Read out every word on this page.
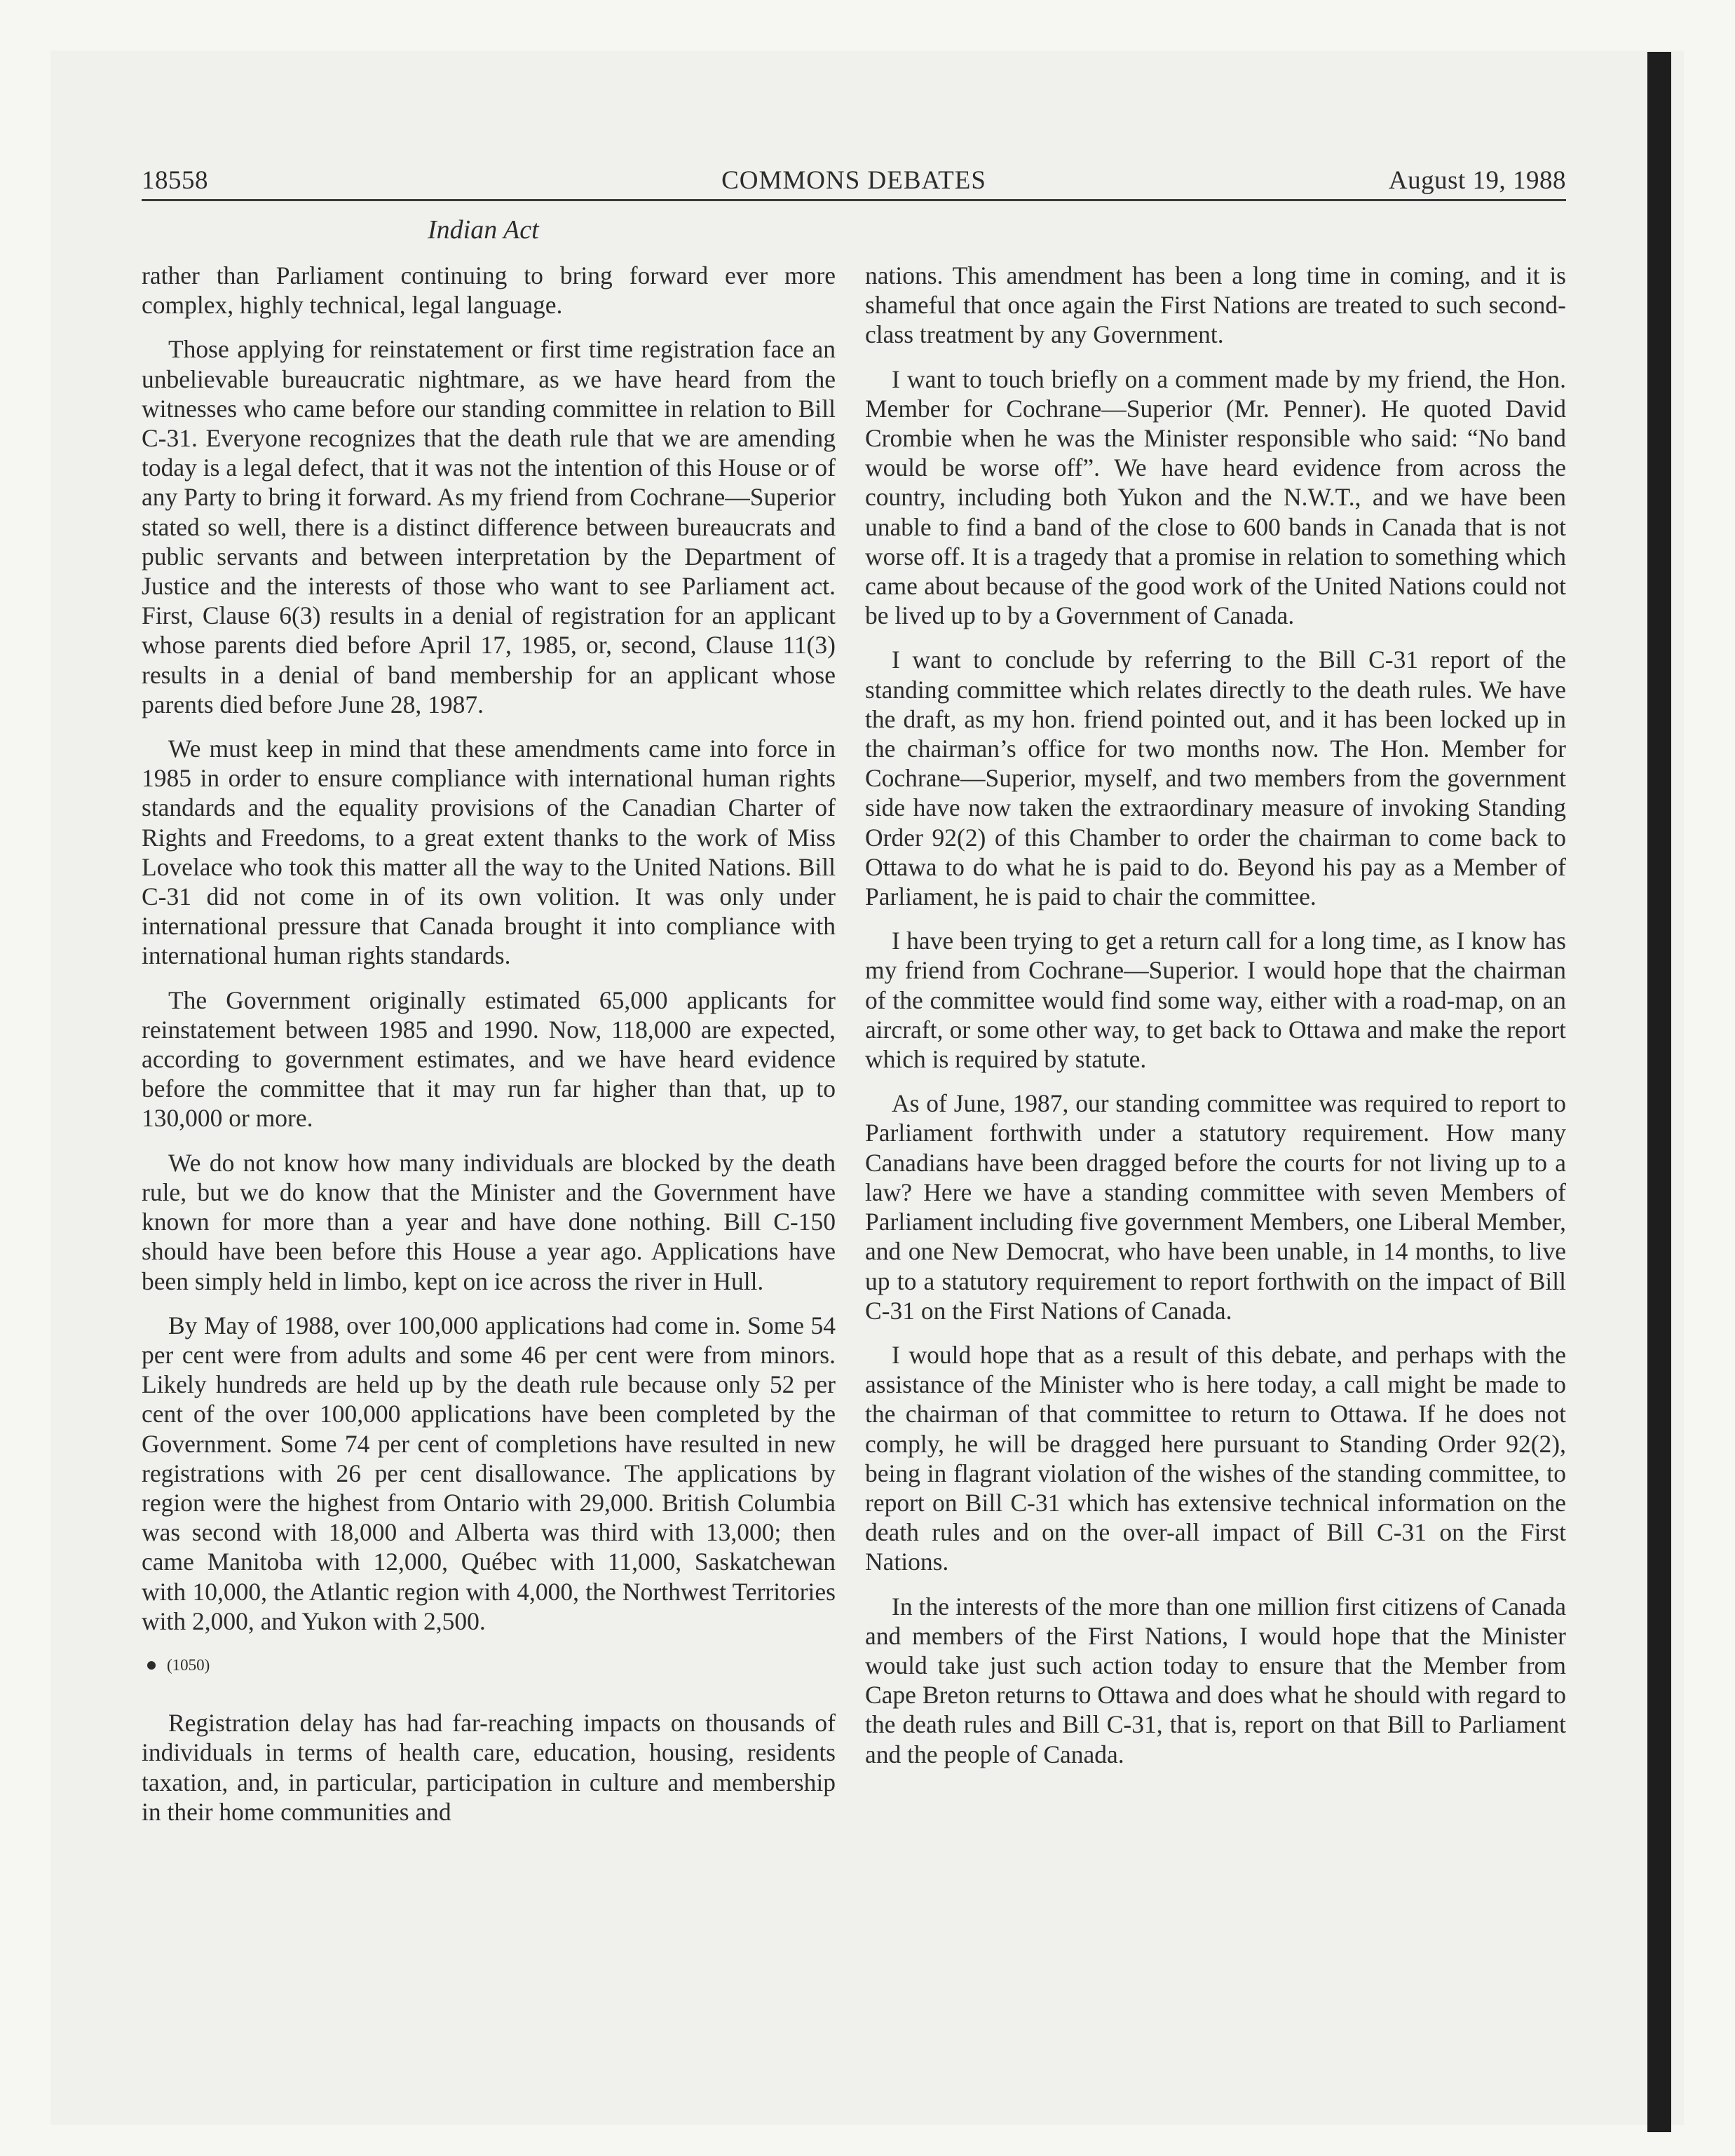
18558	COMMONS DEBATES	August 19, 1988
Indian Act

rather than Parliament continuing to bring forward ever more complex, highly technical, legal language.

Those applying for reinstatement or first time registration face an unbelievable bureaucratic nightmare, as we have heard from the witnesses who came before our standing committee in relation to Bill C-31. Everyone recognizes that the death rule that we are amending today is a legal defect, that it was not the intention of this House or of any Party to bring it forward. As my friend from Cochrane—Superior stated so well, there is a distinct difference between bureaucrats and public servants and between interpretation by the Department of Justice and the interests of those who want to see Parliament act. First, Clause 6(3) results in a denial of registration for an applicant whose parents died before April 17, 1985, or, second, Clause 11(3) results in a denial of band membership for an applicant whose parents died before June 28, 1987.

We must keep in mind that these amendments came into force in 1985 in order to ensure compliance with international human rights standards and the equality provisions of the Canadian Charter of Rights and Freedoms, to a great extent thanks to the work of Miss Lovelace who took this matter all the way to the United Nations. Bill C-31 did not come in of its own volition. It was only under international pressure that Canada brought it into compliance with international human rights standards.

The Government originally estimated 65,000 applicants for reinstatement between 1985 and 1990. Now, 118,000 are expected, according to government estimates, and we have heard evidence before the committee that it may run far higher than that, up to 130,000 or more.

We do not know how many individuals are blocked by the death rule, but we do know that the Minister and the Government have known for more than a year and have done nothing. Bill C-150 should have been before this House a year ago. Applications have been simply held in limbo, kept on ice across the river in Hull.

By May of 1988, over 100,000 applications had come in. Some 54 per cent were from adults and some 46 per cent were from minors. Likely hundreds are held up by the death rule because only 52 per cent of the over 100,000 applications have been completed by the Government. Some 74 per cent of completions have resulted in new registrations with 26 per cent disallowance. The applications by region were the highest from Ontario with 29,000. British Columbia was second with 18,000 and Alberta was third with 13,000; then came Manitoba with 12,000, Québec with 11,000, Saskatchewan with 10,000, the Atlantic region with 4,000, the Northwest Territories with 2,000, and Yukon with 2,500.

(1050)

Registration delay has had far-reaching impacts on thousands of individuals in terms of health care, education, housing, residents taxation, and, in particular, participation in culture and membership in their home communities and

nations. This amendment has been a long time in coming, and it is shameful that once again the First Nations are treated to such second-class treatment by any Government.

I want to touch briefly on a comment made by my friend, the Hon. Member for Cochrane—Superior (Mr. Penner). He quoted David Crombie when he was the Minister responsible who said: “No band would be worse off”. We have heard evidence from across the country, including both Yukon and the N.W.T., and we have been unable to find a band of the close to 600 bands in Canada that is not worse off. It is a tragedy that a promise in relation to something which came about because of the good work of the United Nations could not be lived up to by a Government of Canada.

I want to conclude by referring to the Bill C-31 report of the standing committee which relates directly to the death rules. We have the draft, as my hon. friend pointed out, and it has been locked up in the chairman’s office for two months now. The Hon. Member for Cochrane—Superior, myself, and two members from the government side have now taken the extraordinary measure of invoking Standing Order 92(2) of this Chamber to order the chairman to come back to Ottawa to do what he is paid to do. Beyond his pay as a Member of Parliament, he is paid to chair the committee.

I have been trying to get a return call for a long time, as I know has my friend from Cochrane—Superior. I would hope that the chairman of the committee would find some way, either with a road-map, on an aircraft, or some other way, to get back to Ottawa and make the report which is required by statute.

As of June, 1987, our standing committee was required to report to Parliament forthwith under a statutory requirement. How many Canadians have been dragged before the courts for not living up to a law? Here we have a standing committee with seven Members of Parliament including five government Members, one Liberal Member, and one New Democrat, who have been unable, in 14 months, to live up to a statutory requirement to report forthwith on the impact of Bill C-31 on the First Nations of Canada.

I would hope that as a result of this debate, and perhaps with the assistance of the Minister who is here today, a call might be made to the chairman of that committee to return to Ottawa. If he does not comply, he will be dragged here pursuant to Standing Order 92(2), being in flagrant violation of the wishes of the standing committee, to report on Bill C-31 which has extensive technical information on the death rules and on the over-all impact of Bill C-31 on the First Nations.

In the interests of the more than one million first citizens of Canada and members of the First Nations, I would hope that the Minister would take just such action today to ensure that the Member from Cape Breton returns to Ottawa and does what he should with regard to the death rules and Bill C-31, that is, report on that Bill to Parliament and the people of Canada.
